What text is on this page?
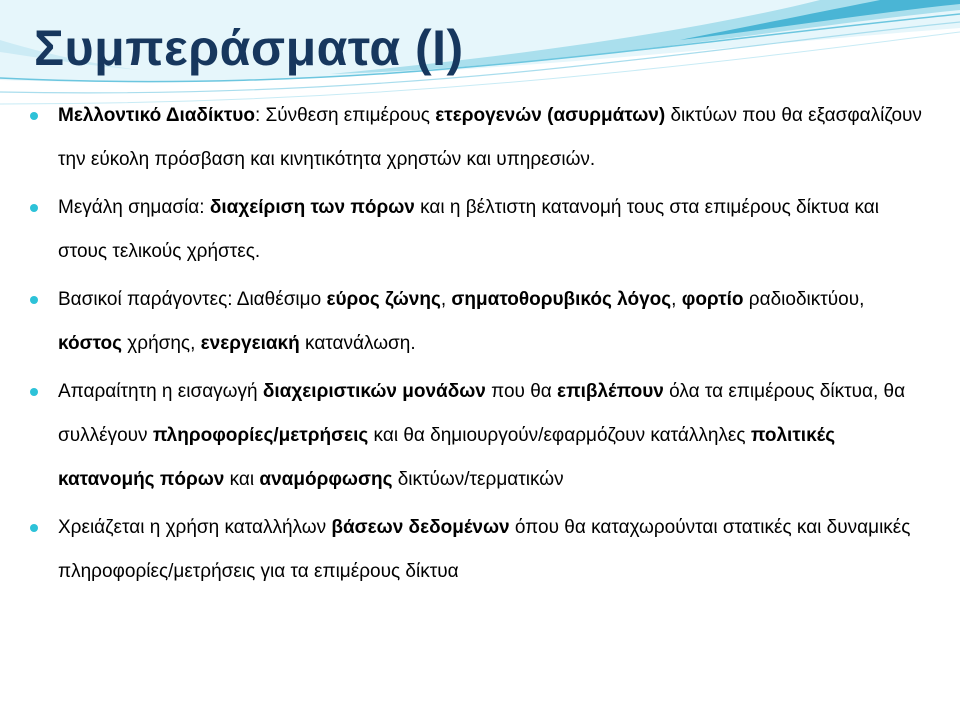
Συμπεράσματα (Ι)
Μελλοντικό Διαδίκτυο: Σύνθεση επιμέρους ετερογενών (ασυρμάτων) δικτύων που θα εξασφαλίζουν την εύκολη πρόσβαση και κινητικότητα χρηστών και υπηρεσιών.
Μεγάλη σημασία: διαχείριση των πόρων και η βέλτιστη κατανομή τους στα επιμέρους δίκτυα και στους τελικούς χρήστες.
Βασικοί παράγοντες: Διαθέσιμο εύρος ζώνης, σηματοθορυβικός λόγος, φορτίο ραδιοδικτύου, κόστος χρήσης, ενεργειακή κατανάλωση.
Απαραίτητη η εισαγωγή διαχειριστικών μονάδων που θα επιβλέπουν όλα τα επιμέρους δίκτυα, θα συλλέγουν πληροφορίες/μετρήσεις και θα δημιουργούν/εφαρμόζουν κατάλληλες πολιτικές κατανομής πόρων και αναμόρφωσης δικτύων/τερματικών
Χρειάζεται η χρήση καταλλήλων βάσεων δεδομένων όπου θα καταχωρούνται στατικές και δυναμικές πληροφορίες/μετρήσεις για τα επιμέρους δίκτυα
